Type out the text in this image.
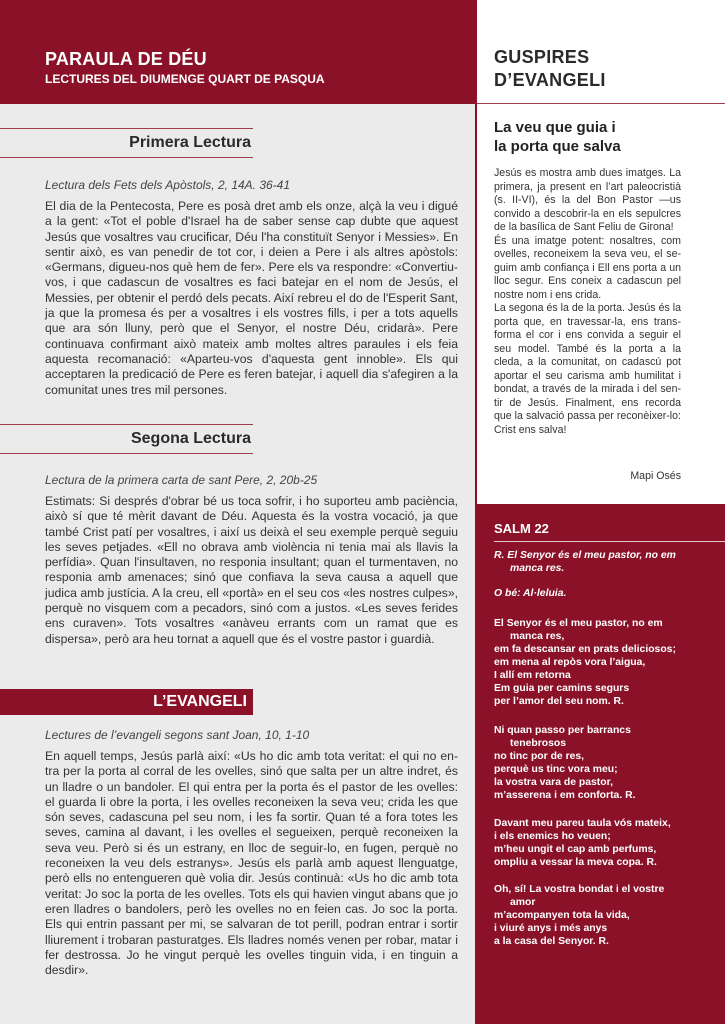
PARAULA DE DÉU
LECTURES DEL DIUMENGE QUART DE PASQUA
Primera Lectura
Lectura dels Fets dels Apòstols, 2, 14A. 36-41
El dia de la Pentecosta, Pere es posà dret amb els onze, alçà la veu i digué a la gent: «Tot el poble d'Israel ha de saber sense cap dubte que aquest Jesús que vosaltres vau crucificar, Déu l'ha constituït Senyor i Messies». En sentir això, es van penedir de tot cor, i deien a Pere i als altres apòstols: «Germans, digueu-nos què hem de fer». Pere els va respondre: «Convertiu-vos, i que cadascun de vosaltres es faci batejar en el nom de Jesús, el Messies, per obtenir el perdó dels pecats. Així rebreu el do de l'Esperit Sant, ja que la promesa és per a vosaltres i els vostres fills, i per a tots aquells que ara són lluny, però que el Senyor, el nostre Déu, cridarà». Pere continuava confirmant això mateix amb moltes altres paraules i els feia aquesta recomanació: «Aparteu-vos d'aquesta gent innoble». Els qui acceptaren la predicació de Pere es feren batejar, i aquell dia s'afegiren a la comunitat unes tres mil persones.
Segona Lectura
Lectura de la primera carta de sant Pere, 2, 20b-25
Estimats: Si després d'obrar bé us toca sofrir, i ho suporteu amb paciència, això sí que té mèrit davant de Déu. Aquesta és la vostra vocació, ja que també Crist patí per vosaltres, i així us deixà el seu exemple perquè seguiu les seves petjades. «Ell no obrava amb violència ni tenia mai als llavis la perfídia». Quan l'insultaven, no responia insultant; quan el turmentaven, no responia amb amenaces; sinó que confiava la seva causa a aquell que judica amb justícia. A la creu, ell «portà» en el seu cos «les nostres culpes», perquè no visquem com a pecadors, sinó com a justos. «Les seves ferides ens curaven». Tots vosaltres «anàveu errants com un ramat que es dispersa», però ara heu tornat a aquell que és el vostre pastor i guardià.
L’EVANGELI
Lectures de l’evangeli segons sant Joan, 10, 1-10
En aquell temps, Jesús parlà així: «Us ho dic amb tota veritat: el qui no entra per la porta al corral de les ovelles, sinó que salta per un altre indret, és un lladre o un bandoler. El qui entra per la porta és el pastor de les ovelles: el guarda li obre la porta, i les ovelles reconeixen la seva veu; crida les que són seves, cadascuna pel seu nom, i les fa sortir. Quan té a fora totes les seves, camina al davant, i les ovelles el segueixen, perquè reconeixen la seva veu. Però si és un estrany, en lloc de seguir-lo, en fugen, perquè no reconeixen la veu dels estranys». Jesús els parlà amb aquest llenguatge, però ells no entengueren què volia dir. Jesús continuà: «Us ho dic amb tota veritat: Jo soc la porta de les ovelles. Tots els qui havien vingut abans que jo eren lladres o bandolers, però les ovelles no en feien cas. Jo soc la porta. Els qui entrin passant per mi, se salvaran de tot perill, podran entrar i sortir lliurement i trobaran pasturatges. Els lladres només venen per robar, matar i fer destrossa. Jo he vingut perquè les ovelles tinguin vida, i en tinguin a desdir».
GUSPIRES
D’EVANGELI
La veu que guia i
la porta que salva

Jesús es mostra amb dues imatges. La primera, ja present en l’art paleocristià (s. II-VI), és la del Bon Pastor —us convido a descobrir-la en els sepulcres de la basílica de Sant Feliu de Girona!

És una imatge potent: nosaltres, com ovelles, reconeixem la seva veu, el seguim amb confiança i Ell ens porta a un lloc segur. Ens coneix a cadascun pel nostre nom i ens crida.

La segona és la de la porta. Jesús és la porta que, en travessar-la, ens transforma el cor i ens convida a seguir el seu model. També és la porta a la cleda, a la comunitat, on cadascú pot aportar el seu carisma amb humilitat i bondat, a través de la mirada i del sentir de Jesús. Finalment, ens recorda que la salvació passa per reconèixer-lo: Crist ens salva!

Mapi Osés
SALM 22
R. El Senyor és el meu pastor, no em
manca res.
O bé: Al·leluia.
El Senyor és el meu pastor, no em
manca res,
em fa descansar en prats deliciosos;
em mena al repòs vora l’aigua,
I allí em retorna
Em guia per camins segurs
per l’amor del seu nom. R.
Ni quan passo per barrancs
tenebrosos
no tinc por de res,
perquè us tinc vora meu;
la vostra vara de pastor,
m’asserena i em conforta. R.
Davant meu pareu taula vós mateix,
i els enemics ho veuen;
m’heu ungit el cap amb perfums,
ompliu a vessar la meva copa. R.
Oh, sí! La vostra bondat i el vostre
amor
m’acompanyen tota la vida,
i viuré anys i més anys
a la casa del Senyor. R.
